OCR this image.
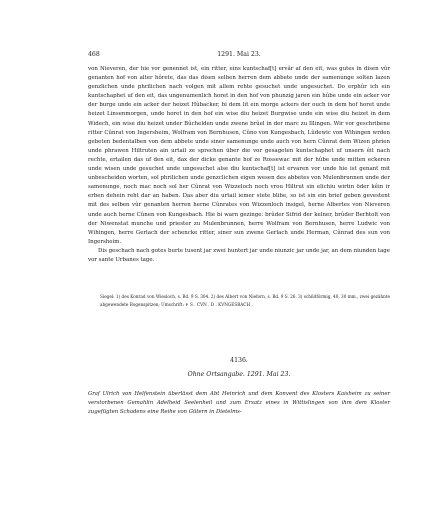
468	1291. Mai 23.

von Nieveren, der hie vor genennet ist, ein ritter, eins kuntschaf[t] ervâr af den eit, was gutes in disen vûr genanten hof von alter hôrete, das das disen selben herren dem abbete unde der samenunge solten lazen genzlichen unde phrilichen nach volgen mit allem rehte gesuchet unde ungesuchet. Do erphûr ich ein kuntschaphet uf den eit, das ungenumenlich horet in den hof von phunzig jaren ein hûbe unde ein acker vor der burge unde ein acker der heizet Hûbacker, bi dem lit ein morge ackers der ouch in dem hof horet unde heizet Linsenmorgen, unde horet in den hof ein wise diu heizet Burgwise unde ein wise diu heizet in dem Widech, ein wise diu heizet under Bûchelden unde zwene brûel in der marc zu Illingen. Wir vor geschribene ritter Cûnrat von Ingersheim, Wolfram von Bernhusen, Cûno von Kungesbach, Lûdewic von Wihingen wrden gebeten bedentalben von dem abbete unde siner samenunge unde auch von hern Cûnrat dem Wizen phrien unde phrawen Hiltruten ain urtail ze sprechen über die vor gesageten kuntschaphet uf unsern êit nach rechte, ertailen das uf den eit, dax der dicke genante hof ze Rossewac mit der hûbe unde mitten eckeren unde wisen unde gesuchet unde ungesuchet alse diu kuntschaf[t] ist ervaren vor unde hie ist genant mit unbescheiden worten, sol phrilichen unde genzclichen eigen wesen des abbetes von Mulenbrunnen unde der samenunge, noch mac noch sol her Cûnrat von Wizzeloch noch vrou Hiltrut sin elichiu wirtin öder kêin ir erben dehein reht dar an haben. Das aber diu urtail iemer stete blibe, so ist sin ein brief geben gevestent mit des selben vûr genanten herren herne Cûnrates von Wizzenloch insigel, herne Albertes von Nieveren unde auch herne Cûnen von Kungesbach. Hie bi warn gezinge: brûder Sifrid der kelner, brûder Berhtolt von der Niwenstat munche und priester zu Mulenbrunnen, herre Wolfram von Bernhusen, herre Ludwic von Wihingen, herre Gerlach der schencke ritter, siner sun zwene Gerlach unde Herman, Cûnrad des sun von Ingersheim.

Dis geschach nach gotes burte tusent jar zwei huntert jar unde niunzic jar unde jar, an dem niunden tage vor sante Urbanes tage.

Siegel: 1) des Konrad von Wiesloch, s. Bd. 9 S. 304. 2) des Albert von Nieforn, s. Bd. 9 S. 26. 3) schildförmig, 40, 30 mm., zwei gezähnte abgewendete Bogenspitzen; Umschrift: ✝ S . CVN . D . KVNGESBACH .

4136.
Ohne Ortsangabe. 1291. Mai 23.

Graf Ulrich von Helfenstein überlässt dem Abt Heinrich und dem Konvent des Klosters Kaisheim zu seiner verstorbenen Gemahlin Adelheid Seelenheil und zum Ersatz eines in Wittislingen von ihm dem Kloster zugefügten Schadens eine Reihe von Gütern in Dietelms-
